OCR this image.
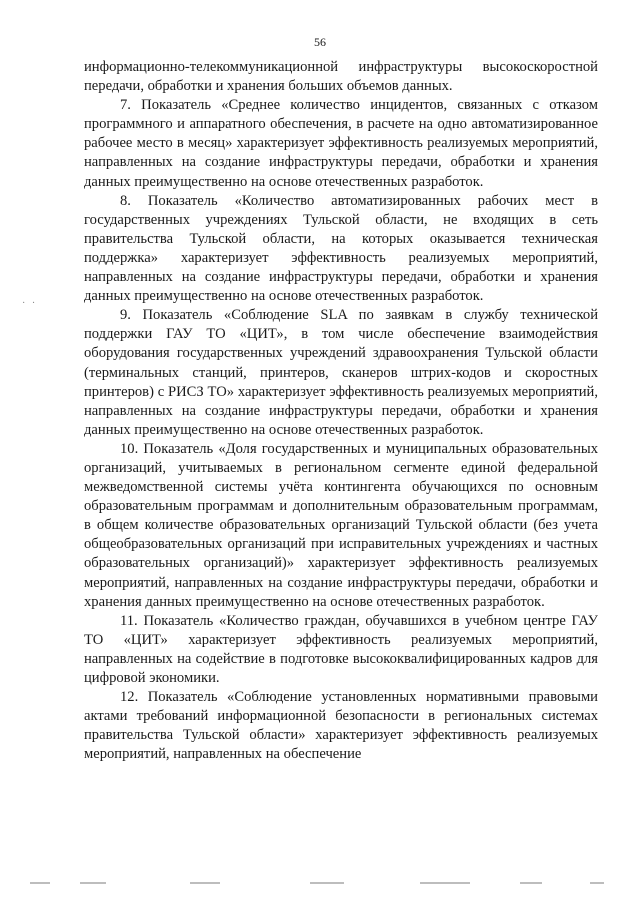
56
· ·

информационно-телекоммуникационной инфраструктуры высокоскоростной передачи, обработки и хранения больших объемов данных.

7. Показатель «Среднее количество инцидентов, связанных с отказом программного и аппаратного обеспечения, в расчете на одно автоматизированное рабочее место в месяц» характеризует эффективность реализуемых мероприятий, направленных на создание инфраструктуры передачи, обработки и хранения данных преимущественно на основе отечественных разработок.

8. Показатель «Количество автоматизированных рабочих мест в государственных учреждениях Тульской области, не входящих в сеть правительства Тульской области, на которых оказывается техническая поддержка» характеризует эффективность реализуемых мероприятий, направленных на создание инфраструктуры передачи, обработки и хранения данных преимущественно на основе отечественных разработок.

9. Показатель «Соблюдение SLA по заявкам в службу технической поддержки ГАУ ТО «ЦИТ», в том числе обеспечение взаимодействия оборудования государственных учреждений здравоохранения Тульской области (терминальных станций, принтеров, сканеров штрих-кодов и скоростных принтеров) с РИСЗ ТО» характеризует эффективность реализуемых мероприятий, направленных на создание инфраструктуры передачи, обработки и хранения данных преимущественно на основе отечественных разработок.

10. Показатель «Доля государственных и муниципальных образовательных организаций, учитываемых в региональном сегменте единой федеральной межведомственной системы учёта контингента обучающихся по основным образовательным программам и дополнительным образовательным программам, в общем количестве образовательных организаций Тульской области (без учета общеобразовательных организаций при исправительных учреждениях и частных образовательных организаций)» характеризует эффективность реализуемых мероприятий, направленных на создание инфраструктуры передачи, обработки и хранения данных преимущественно на основе отечественных разработок.

11. Показатель «Количество граждан, обучавшихся в учебном центре ГАУ ТО «ЦИТ» характеризует эффективность реализуемых мероприятий, направленных на содействие в подготовке высококвалифицированных кадров для цифровой экономики.

12. Показатель «Соблюдение установленных нормативными правовыми актами требований информационной безопасности в региональных системах правительства Тульской области» характеризует эффективность реализуемых мероприятий, направленных на обеспечение
